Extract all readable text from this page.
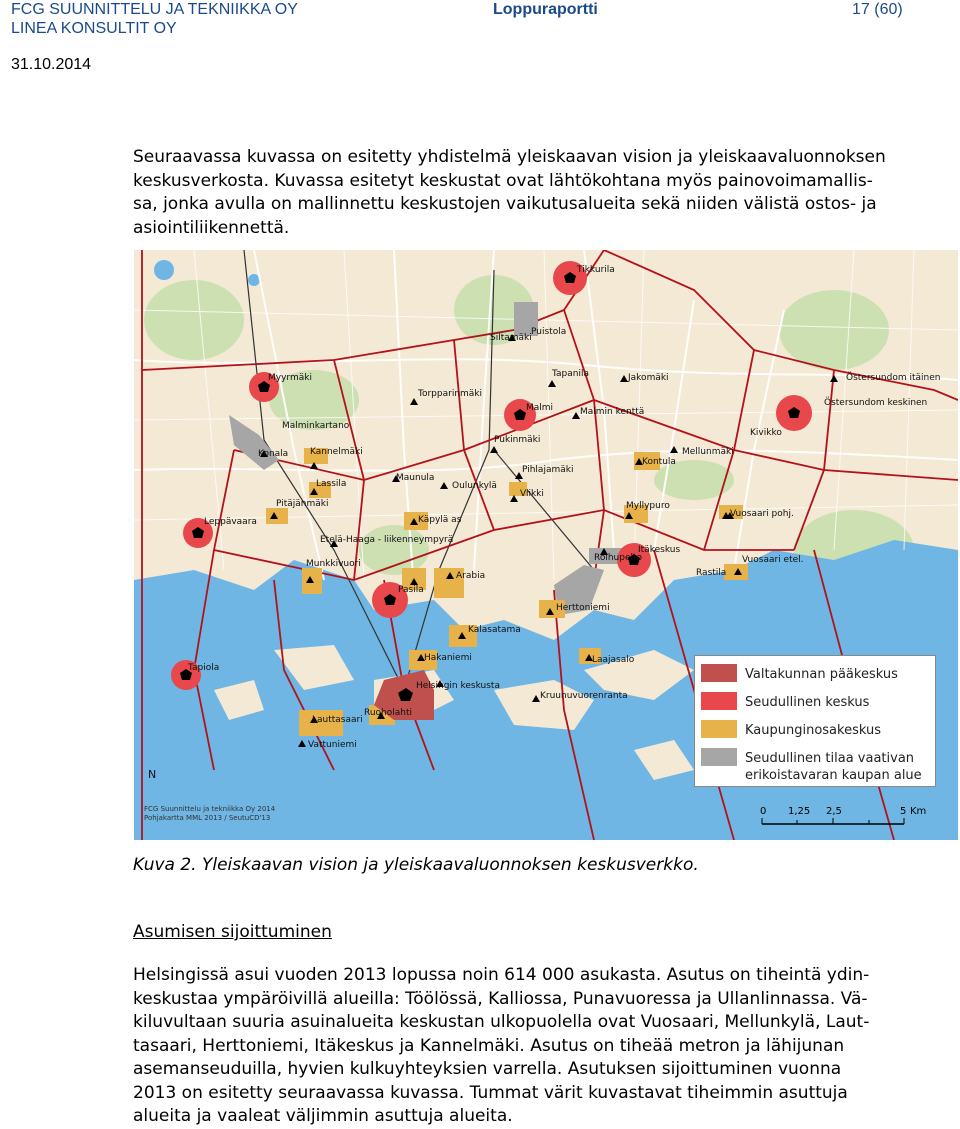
FCG SUUNNITTELU JA TEKNIIKKA OY
LINEA KONSULTIT OY
Loppuraportti	17 (60)
31.10.2014
Seuraavassa kuvassa on esitetty yhdistelmä yleiskaavan vision ja yleiskaavaluonnoksen
keskusverkosta. Kuvassa esitetyt keskustat ovat lähtökohtana myös painovoimamallis-
sa, jonka avulla on mallinnettu keskustojen vaikutusalueita sekä niiden välistä ostos- ja
asiointiliikennettä.
Tikkurila
Siltamäki
Puistola
Myyrmäki	Tapanila	Jakomäki	Östersundom itäinen
Torpparinmäki
Malmi	Malmin kenttä
Östersundom keskinen
Malminkartano
Pukinmäki
Kivikko
Konala Kannelmäki	Mellunmäki
Pihlajamäki
Kontula
Maunula
Oulunkylä
Lassila
Viikki
Pitäjänmäki	Myllypuro
Vuosaari pohj.
Leppävaara	Käpylä as
Etelä-Haaga - liikenneympyrä
Itäkeskus
Roihupelto
Munkkivuori	Vuosaari etel.
Arabia	Rastila
Pasila
Herttoniemi
Kalasatama
Tapiola
Hakaniemi	Laajasalo
Helsingin keskusta
Kruunuvuorenranta
Ruoholahti
Lauttasaari
Vattuniemi
N
FCG Suunnittelu ja tekniikka Oy 2014
Pohjakartta MML 2013 / SeutuCD'13
Valtakunnan pääkeskus
Seudullinen keskus
Kaupunginosakeskus
Seudullinen tilaa vaativan
erikoistavaran kaupan alue
0 1,25 2,5	5 Km
Kuva 2. Yleiskaavan vision ja yleiskaavaluonnoksen keskusverkko.
Asumisen sijoittuminen
Helsingissä asui vuoden 2013 lopussa noin 614 000 asukasta. Asutus on tiheintä ydin-
keskustaa ympäröivillä alueilla: Töölössä, Kalliossa, Punavuoressa ja Ullanlinnassa. Vä-
kiluvultaan suuria asuinalueita keskustan ulkopuolella ovat Vuosaari, Mellunkylä, Laut-
tasaari, Herttoniemi, Itäkeskus ja Kannelmäki. Asutus on tiheää metron ja lähijunan
asemanseuduilla, hyvien kulkuyhteyksien varrella. Asutuksen sijoittuminen vuonna
2013 on esitetty seuraavassa kuvassa. Tummat värit kuvastavat tiheimmin asuttuja
alueita ja vaaleat väljimmin asuttuja alueita.
